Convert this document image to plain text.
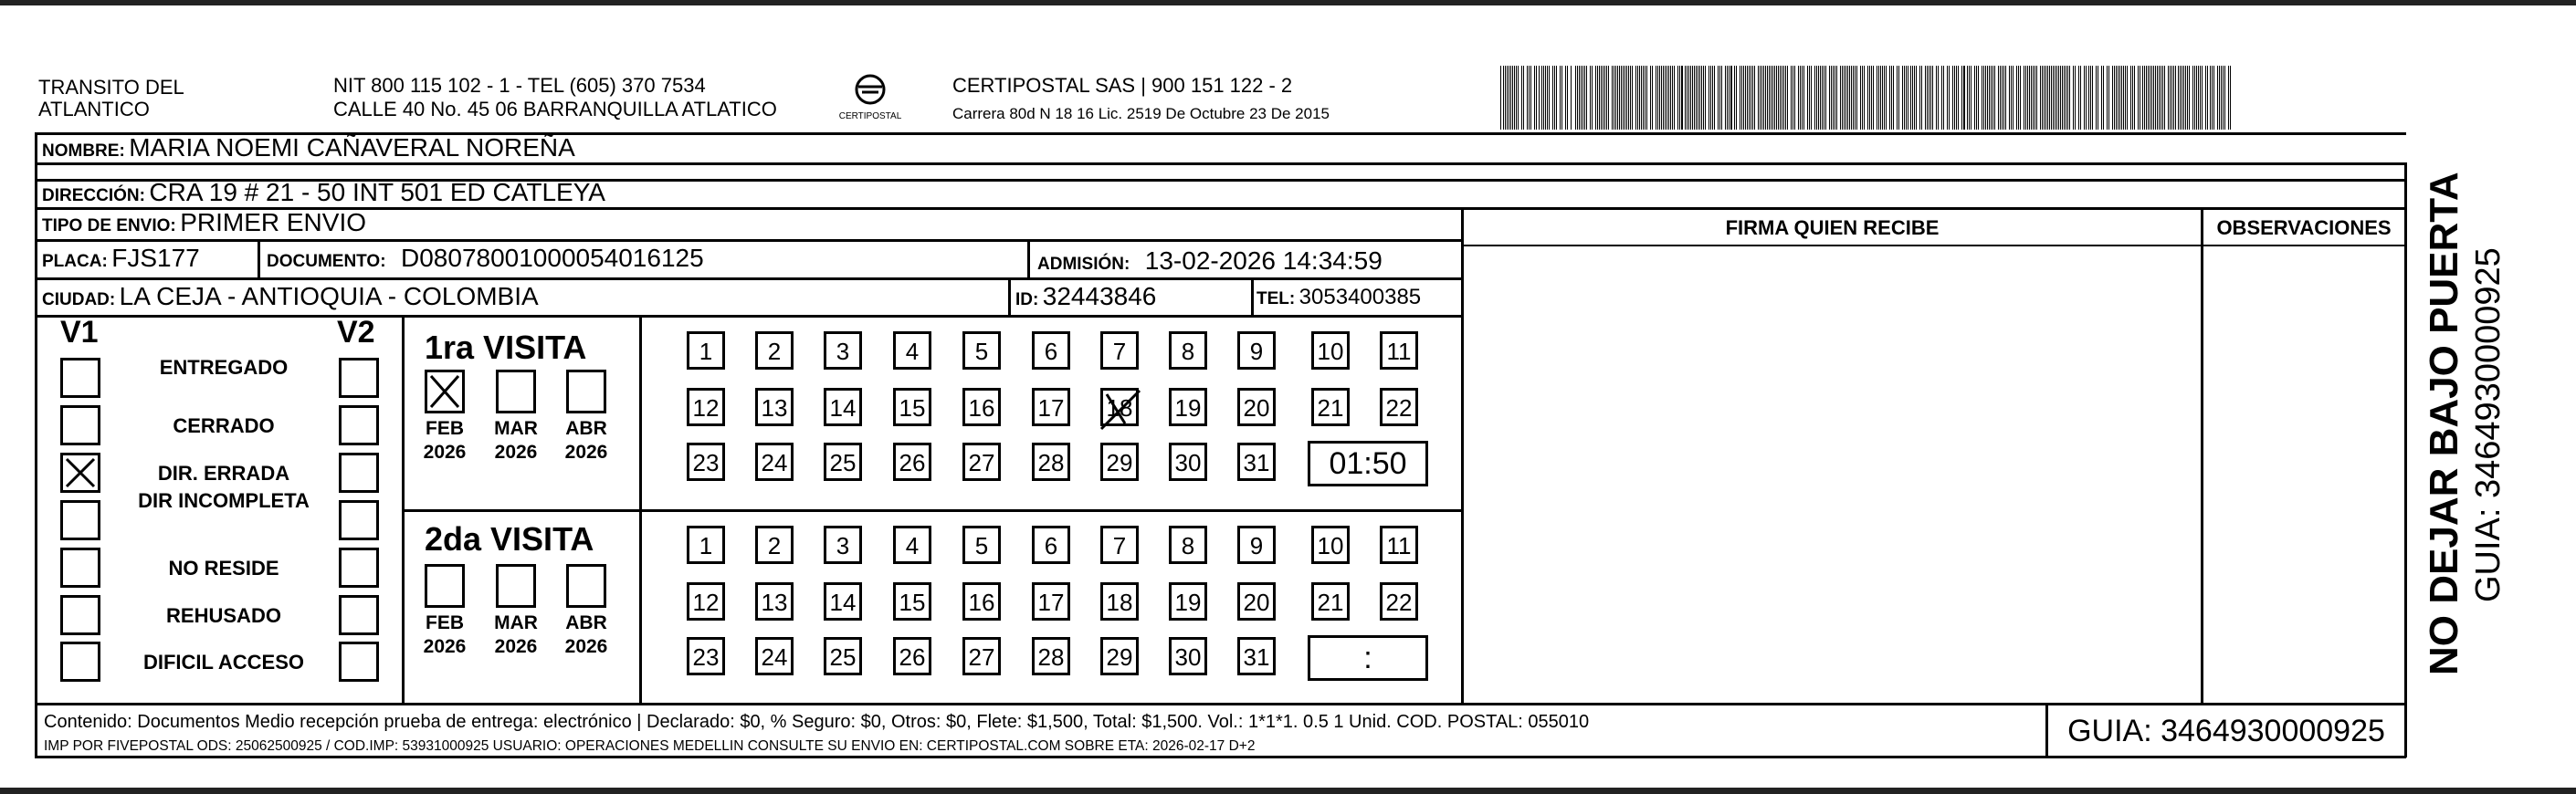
TRANSITO DEL
ATLANTICO
NIT 800 115 102 - 1 - TEL (605) 370 7534
CALLE 40 No. 45 06 BARRANQUILLA ATLATICO	CERTIPOSTAL
CERTIPOSTAL SAS | 900 151 122 - 2
Carrera 80d N 18 16 Lic. 2519 De Octubre 23 De 2015
FIRMA QUIEN RECIBE	OBSERVACIONES
NOMBRE: MARIA NOEMI CAÑAVERAL NOREÑA
DIRECCIÓN: CRA 19 # 21 - 50 INT 501 ED CATLEYA
TIPO DE ENVIO: PRIMER ENVIO
PLACA: FJS177	DOCUMENTO: D08078001000054016125	ADMISIÓN: 13-02-2026 14:34:59
CIUDAD: LA CEJA - ANTIOQUIA - COLOMBIA	ID: 32443846	TEL: 3053400385
V1	V2
ENTREGADO
CERRADO
DIR. ERRADA
DIR INCOMPLETA
NO RESIDE
REHUSADO
DIFICIL ACCESO
1ra VISITA
2da VISITA
FEB
2026
MAR
2026
ABR
2026
1	2	3	4	5	6	7	8	9	10 11
12 13 14 15 16 17 18 19 20 21 22
23 24 25 26 27 28 29 30 31	01:50
FEB
2026
MAR
2026
ABR
2026
1	2	3	4	5	6	7	8	9	10 11
12 13 14 15 16 17 18 19 20 21 22
23 24 25 26 27 28 29 30 31	:
Contenido: Documentos Medio recepción prueba de entrega: electrónico | Declarado: $0, % Seguro: $0, Otros: $0, Flete: $1,500, Total: $1,500. Vol.: 1*1*1. 0.5 1 Unid. COD. POSTAL: 055010
IMP POR FIVEPOSTAL ODS: 25062500925 / COD.IMP: 53931000925 USUARIO: OPERACIONES MEDELLIN CONSULTE SU ENVIO EN: CERTIPOSTAL.COM SOBRE ETA: 2026-02-17 D+2	GUIA: 3464930000925
NO DEJAR BAJO PUERTA GUIA: 3464930000925
